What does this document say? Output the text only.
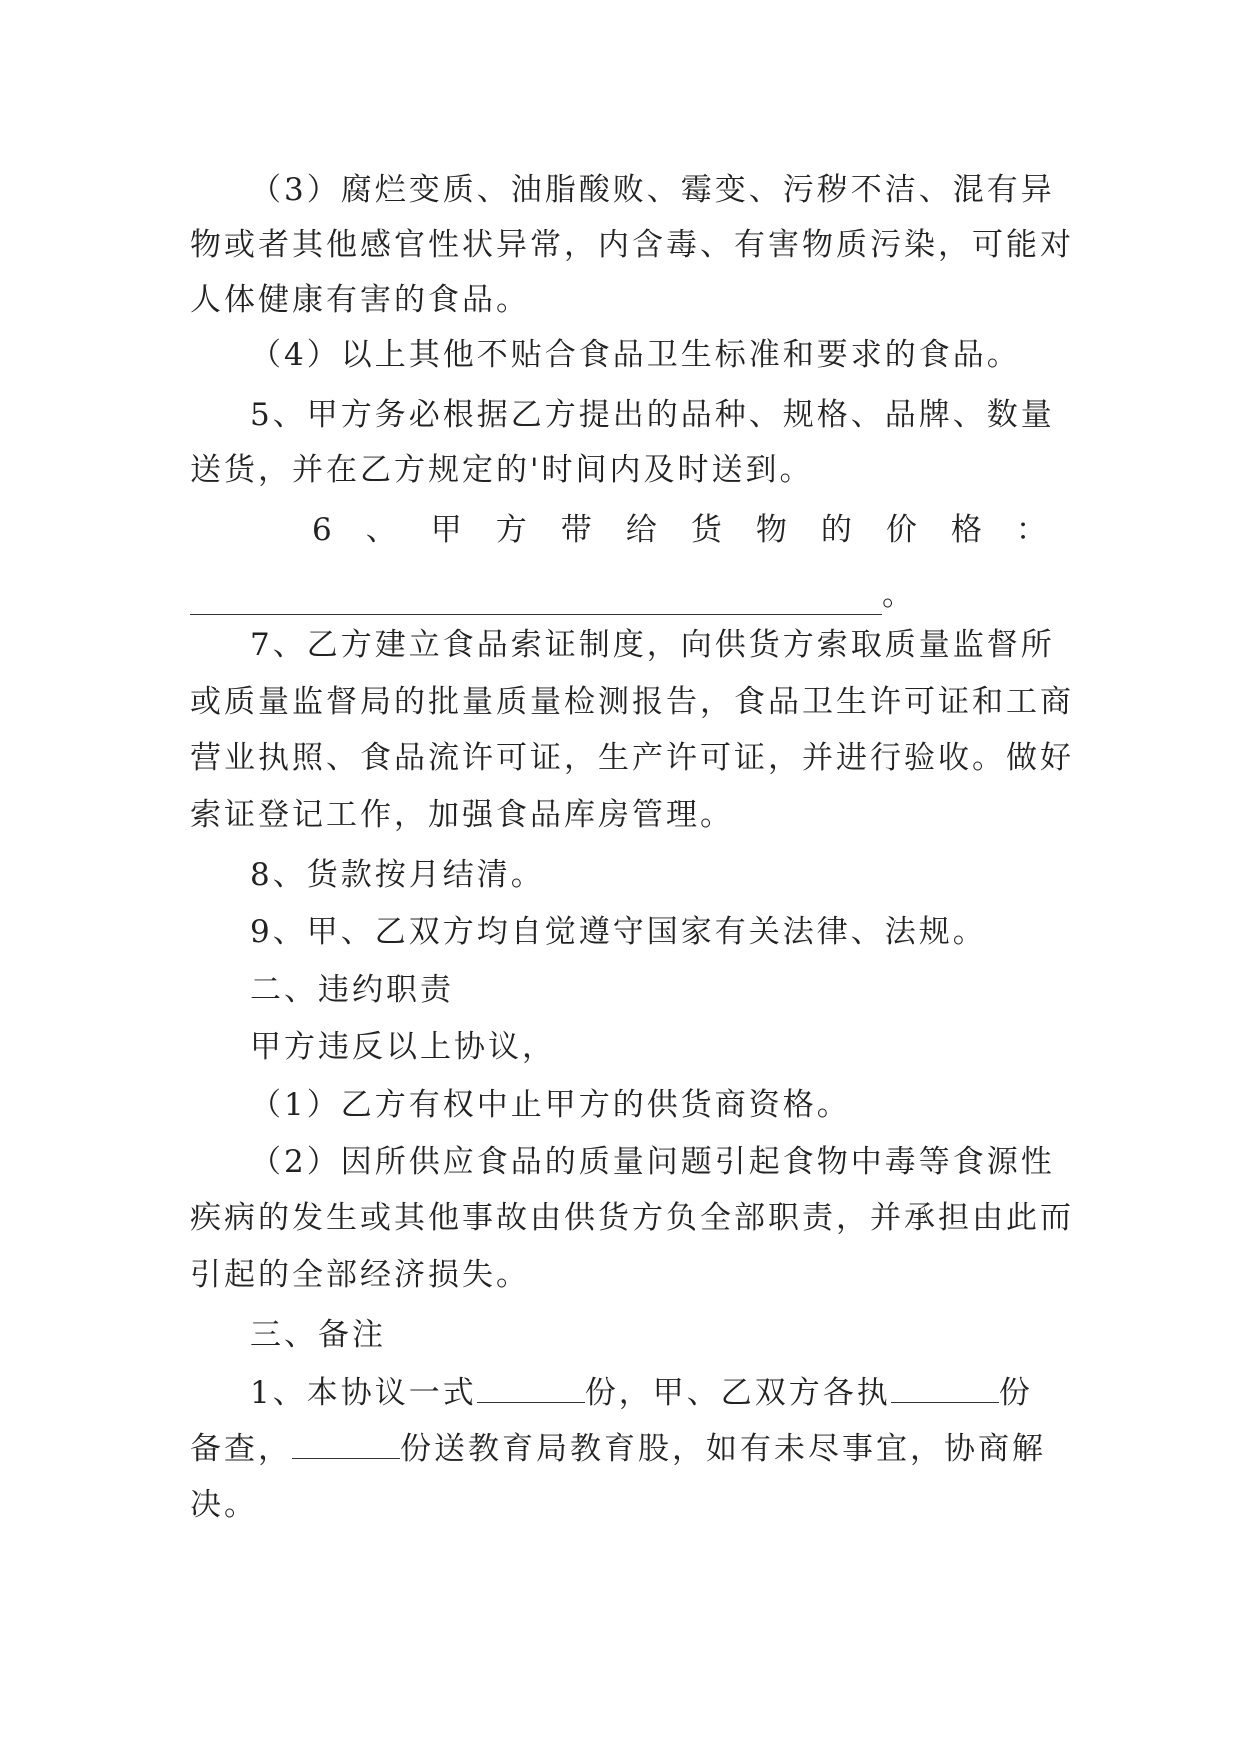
（3）腐烂变质、油脂酸败、霉变、污秽不洁、混有异
物或者其他感官性状异常，内含毒、有害物质污染，可能对
人体健康有害的食品。
（4）以上其他不贴合食品卫生标准和要求的食品。
5、甲方务必根据乙方提出的品种、规格、品牌、数量
送货，并在乙方规定的'时间内及时送到。
6 、 甲 方 带 给 货 物 的 价 格 ：
。
7、乙方建立食品索证制度，向供货方索取质量监督所
或质量监督局的批量质量检测报告，食品卫生许可证和工商
营业执照、食品流许可证，生产许可证，并进行验收。做好
索证登记工作，加强食品库房管理。
8、货款按月结清。
9、甲、乙双方均自觉遵守国家有关法律、法规。
二、违约职责
甲方违反以上协议，
（1）乙方有权中止甲方的供货商资格。
（2）因所供应食品的质量问题引起食物中毒等食源性
疾病的发生或其他事故由供货方负全部职责，并承担由此而
引起的全部经济损失。
三、备注
1、本协议一式	份，甲、乙双方各执	份
备查，	份送教育局教育股，如有未尽事宜，协商解
决。
